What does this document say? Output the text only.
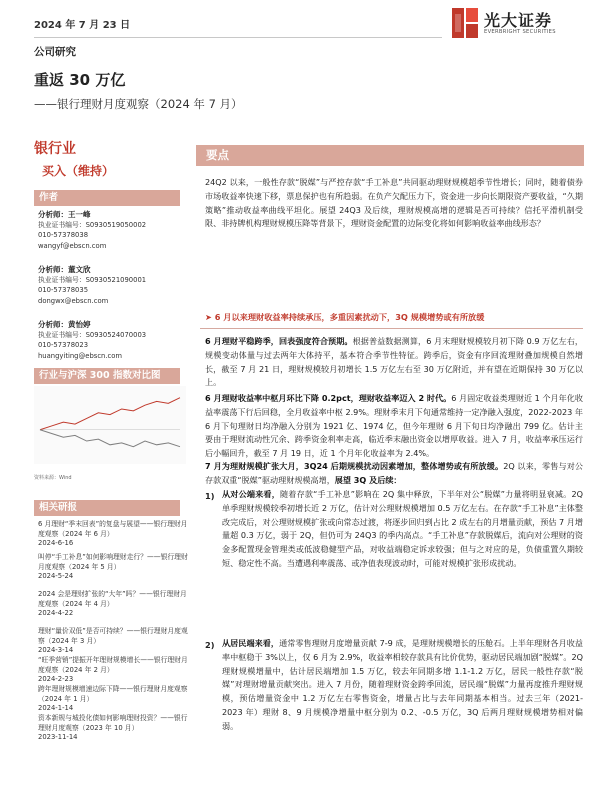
2024 年 7 月 23 日	光大证券
EVERBRIGHT SECURITIES
公司研究
重返 30 万亿
——银行理财月度观察（2024 年 7 月）
银行业
买入（维持）
作者
分析师：王一峰
执业证书编号：S0930519050002
010-57378038
wangyf@ebscn.com
分析师：董文欣
执业证书编号：S0930521090001
010-57378035
dongwx@ebscn.com
分析师：黄怡婷
执业证书编号：S0930524070003
010-57378023
huangyiting@ebscn.com
行业与沪深 300 指数对比图
资料来源：Wind
相关研报
6 月理财“季末回表”的复盘与展望——银行理财月度观察（2024 年 6 月）
2024-6-16
叫停“手工补息”如何影响理财走行？——银行理财月度观察（2024 年 5 月）
2024-5-24
2024 会是理财扩张的“大年”吗？——银行理财月度观察（2024 年 4 月）
2024-4-22
理财“量价双低”是否可持续？——银行理财月度观察（2024 年 3 月）
2024-3-14
“旺季营销”提振开年理财规模增长——银行理财月度观察（2024 年 2 月）
2024-2-23
跨年理财规模增速边际下降——银行理财月度观察（2024 年 1 月）
2024-1-14
资本新规与城投化债如何影响理财投资？——银行理财月度观察（2023 年 10 月）
2023-11-14
要点
24Q2 以来，一般性存款“脱媒”与严控存款“手工补息”共同驱动理财规模超季节性增长；同时，随着债券市场收益率快速下移，票息保护也有所趋弱。在负产欠配压力下，资金进一步向长期限资产要收益，“久期策略”推动收益率曲线平坦化。展望 24Q3 及后续，理财规模高增的逻辑是否可持续？信托平滑机制受限、非持牌机构理财规模压降等背景下，理财资金配置的边际变化将如何影响收益率曲线形态？
➤ 6 月以来理财收益率持续承压，多重因素扰动下，3Q 规模增势或有所放缓
6 月理财平稳跨季，回表强度符合预期。根据普益数据测算，6 月末理财规模较月初下降 0.9 万亿左右，规模变动体量与过去两年大体持平，基本符合季节性特征。跨季后，资金有序回流理财叠加规模自然增长，截至 7 月 21 日，理财规模较月初增长 1.5 万亿左右至 30 万亿附近，并有望在近期保持 30 万亿以上。
6 月理财收益率中枢月环比下降 0.2pct，理财收益率迈入 2 时代。6 月固定收益类理财近 1 个月年化收益率震荡下行后回稳，全月收益率中枢 2.9%。理财季末月下旬通常维持一定净融入强度，2022-2023 年 6 月下旬理财日均净融入分别为 1921 亿、1974 亿，但今年理财 6 月下旬日均净融出 799 亿。估计主要由于理财流动性冗余、跨季资金利率走高，临近季末融出资金以增厚收益。进入 7 月，收益率承压运行后小幅回升，截至 7 月 19 日，近 1 个月年化收益率为 2.4%。
7 月为理财规模扩张大月，3Q24 后期规模扰动因素增加，整体增势或有所放缓。2Q 以来，零售与对公存款双重“脱媒”驱动理财规模高增，展望 3Q 及后续：
1) 从对公端来看，随着存款“手工补息”影响在 2Q 集中释放，下半年对公“脱媒”力量将明显衰减。2Q 单季理财规模较季初增长近 2 万亿，估计对公理财规模增加 0.5 万亿左右。在存款“手工补息”主体整改完成后，对公理财规模扩张或向常态过渡，将逐步回归到占比 2 成左右的月增量贡献，预估 7 月增量超 0.3 万亿，弱于 2Q，但仍可为 24Q3 的季内高点。“手工补息”存款脱媒后，流向对公理财的资金多配置现金管理类或低波稳健型产品，对收益端稳定诉求较强；但与之对应的是，负债重置久期较短、稳定性不高。当遭遇利率震荡、或净值表现波动时，可能对规模扩张形成扰动。
2) 从居民端来看，通常零售理财月度增量贡献 7-9 成，是理财规模增长的压舱石。上半年理财各月收益率中枢稳于 3%以上，仅 6 月为 2.9%，收益率相较存款具有比价优势，驱动居民端加剧“脱媒”。2Q 理财规模增量中，估计居民端增加 1.5 万亿，较去年同期多增 1.1-1.2 万亿，居民一般性存款“脱媒”对理财增量贡献突出。进入 7 月份，随着理财资金跨季回流，居民端“脱媒”力量再度推升理财规模，预估增量资金中 1.2 万亿左右零售资金，增量占比与去年同期基本相当。过去三年（2021-2023 年）理财 8、9 月规模净增量中枢分别为 0.2、-0.5 万亿，3Q 后两月理财规模增势相对偏弱。
